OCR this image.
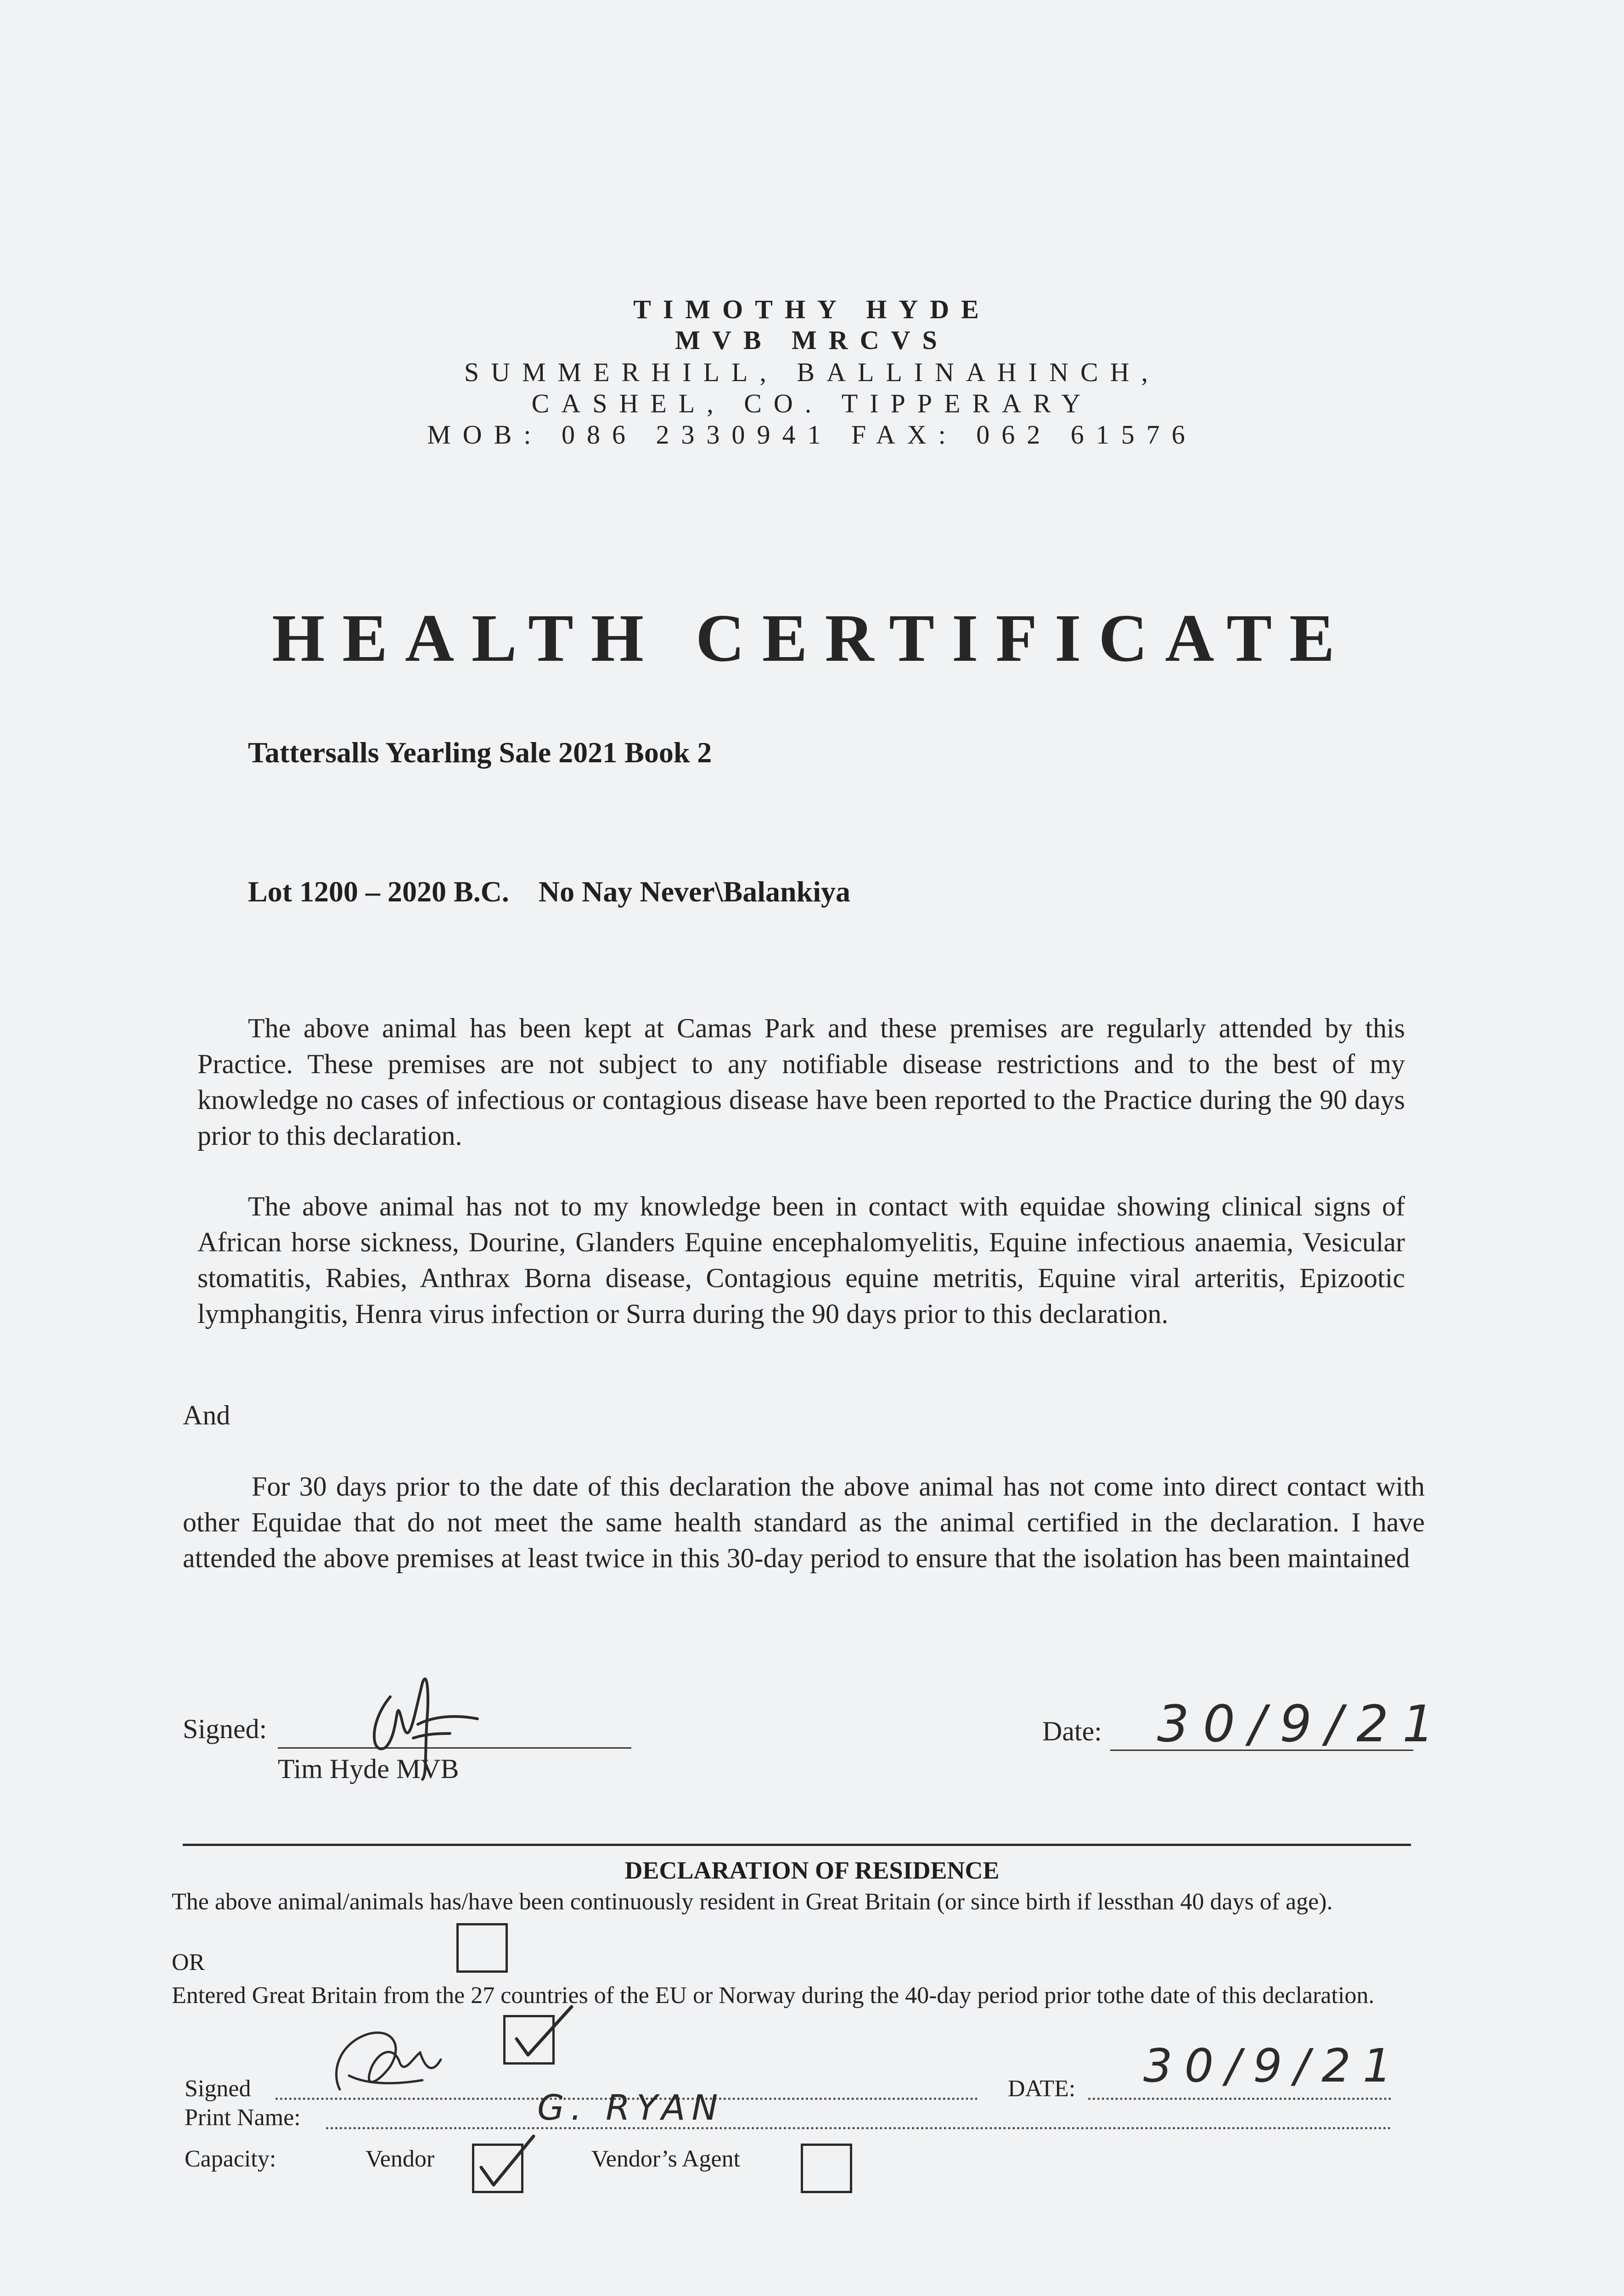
TIMOTHY HYDE
MVB MRCVS
SUMMERHILL, BALLINAHINCH,
CASHEL, CO. TIPPERARY
MOB: 086 2330941 FAX: 062 61576
HEALTH CERTIFICATE
Tattersalls Yearling Sale 2021 Book 2
Lot 1200 – 2020 B.C.    No Nay Never\Balankiya
The above animal has been kept at Camas Park and these premises are regularly attended by this Practice. These premises are not subject to any notifiable disease restrictions and to the best of my knowledge no cases of infectious or contagious disease have been reported to the Practice during the 90 days prior to this declaration.
The above animal has not to my knowledge been in contact with equidae showing clinical signs of African horse sickness, Dourine, Glanders Equine encephalomyelitis, Equine infectious anaemia, Vesicular stomatitis, Rabies, Anthrax Borna disease, Contagious equine metritis, Equine viral arteritis, Epizootic lymphangitis, Henra virus infection or Surra during the 90 days prior to this declaration.
And
For 30 days prior to the date of this declaration the above animal has not come into direct contact with other Equidae that do not meet the same health standard as the animal certified in the declaration. I have attended the above premises at least twice in this 30-day period to ensure that the isolation has been maintained
Signed:
Tim Hyde MVB
Date: 30/9/21
DECLARATION OF RESIDENCE
The above animal/animals has/have been continuously resident in Great Britain (or since birth if lessthan 40 days of age).
OR
Entered Great Britain from the 27 countries of the EU or Norway during the 40-day period prior tothe date of this declaration.
Signed	DATE: 30/9/21
Print Name:	G. RYAN
Capacity:	Vendor	Vendor’s Agent
